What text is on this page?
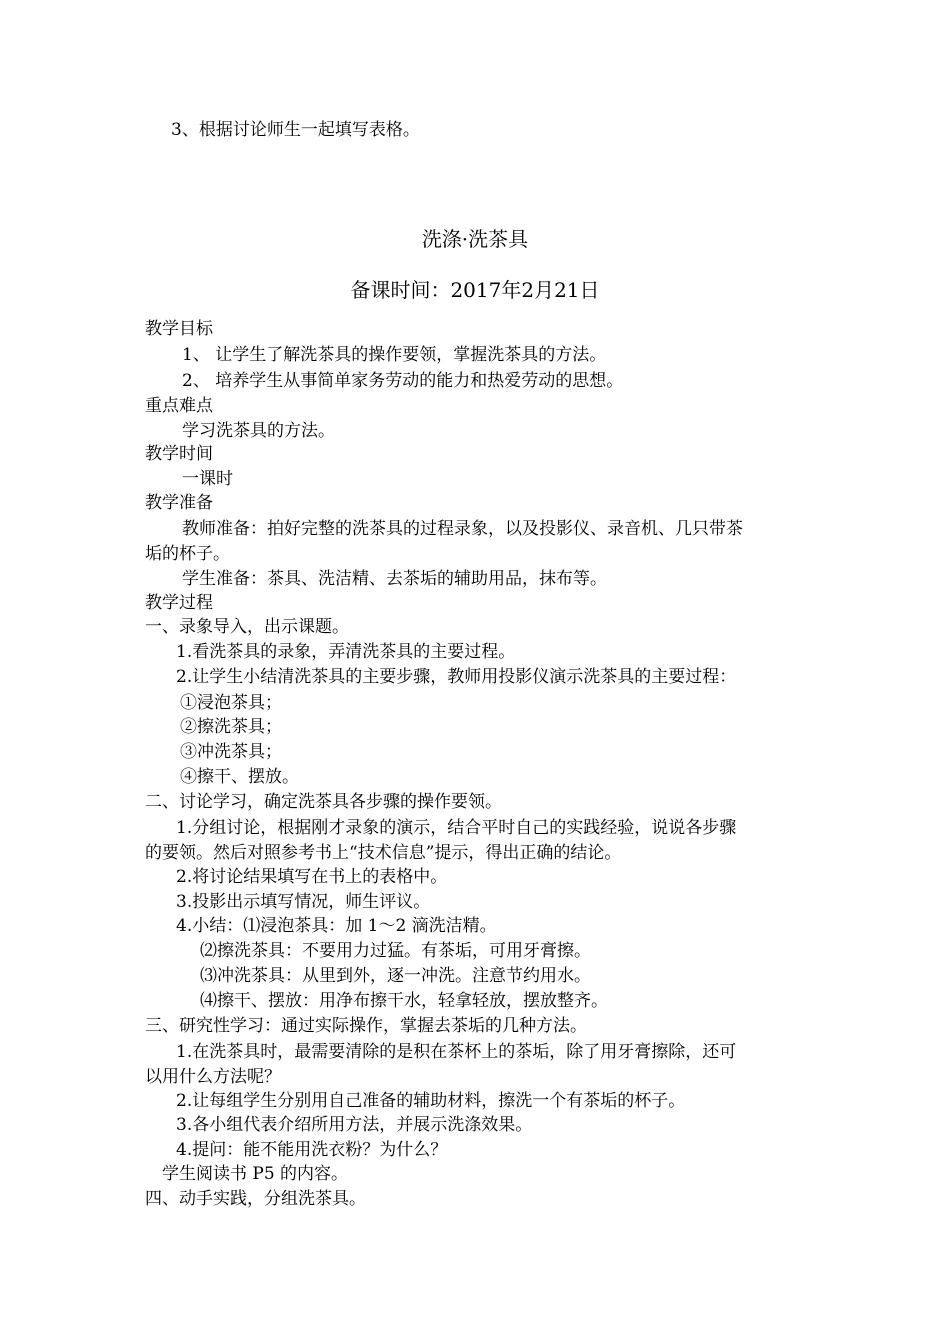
3、根据讨论师生一起填写表格。
洗涤·洗茶具
备课时间：2017年2月21日
教学目标
1、 让学生了解洗茶具的操作要领，掌握洗茶具的方法。
2、 培养学生从事简单家务劳动的能力和热爱劳动的思想。
重点难点
学习洗茶具的方法。
教学时间
一课时
教学准备
教师准备：拍好完整的洗茶具的过程录象，以及投影仪、录音机、几只带茶
垢的杯子。
学生准备：茶具、洗洁精、去茶垢的辅助用品，抹布等。
教学过程
一、录象导入，出示课题。
1.看洗茶具的录象，弄清洗茶具的主要过程。
2.让学生小结清洗茶具的主要步骤，教师用投影仪演示洗茶具的主要过程：
①浸泡茶具；
②擦洗茶具；
③冲洗茶具；
④擦干、摆放。
二、讨论学习，确定洗茶具各步骤的操作要领。
1.分组讨论，根据刚才录象的演示，结合平时自己的实践经验，说说各步骤
的要领。然后对照参考书上“技术信息”提示，得出正确的结论。
2.将讨论结果填写在书上的表格中。
3.投影出示填写情况，师生评议。
4.小结：⑴浸泡茶具：加 1～2 滴洗洁精。
⑵擦洗茶具：不要用力过猛。有茶垢，可用牙膏擦。
⑶冲洗茶具：从里到外，逐一冲洗。注意节约用水。
⑷擦干、摆放：用净布擦干水，轻拿轻放，摆放整齐。
三、研究性学习：通过实际操作，掌握去茶垢的几种方法。
1.在洗茶具时，最需要清除的是积在茶杯上的茶垢，除了用牙膏擦除，还可
以用什么方法呢？
2.让每组学生分别用自己准备的辅助材料，擦洗一个有茶垢的杯子。
3.各小组代表介绍所用方法，并展示洗涤效果。
4.提问：能不能用洗衣粉？为什么？
学生阅读书 P5 的内容。
四、动手实践，分组洗茶具。
